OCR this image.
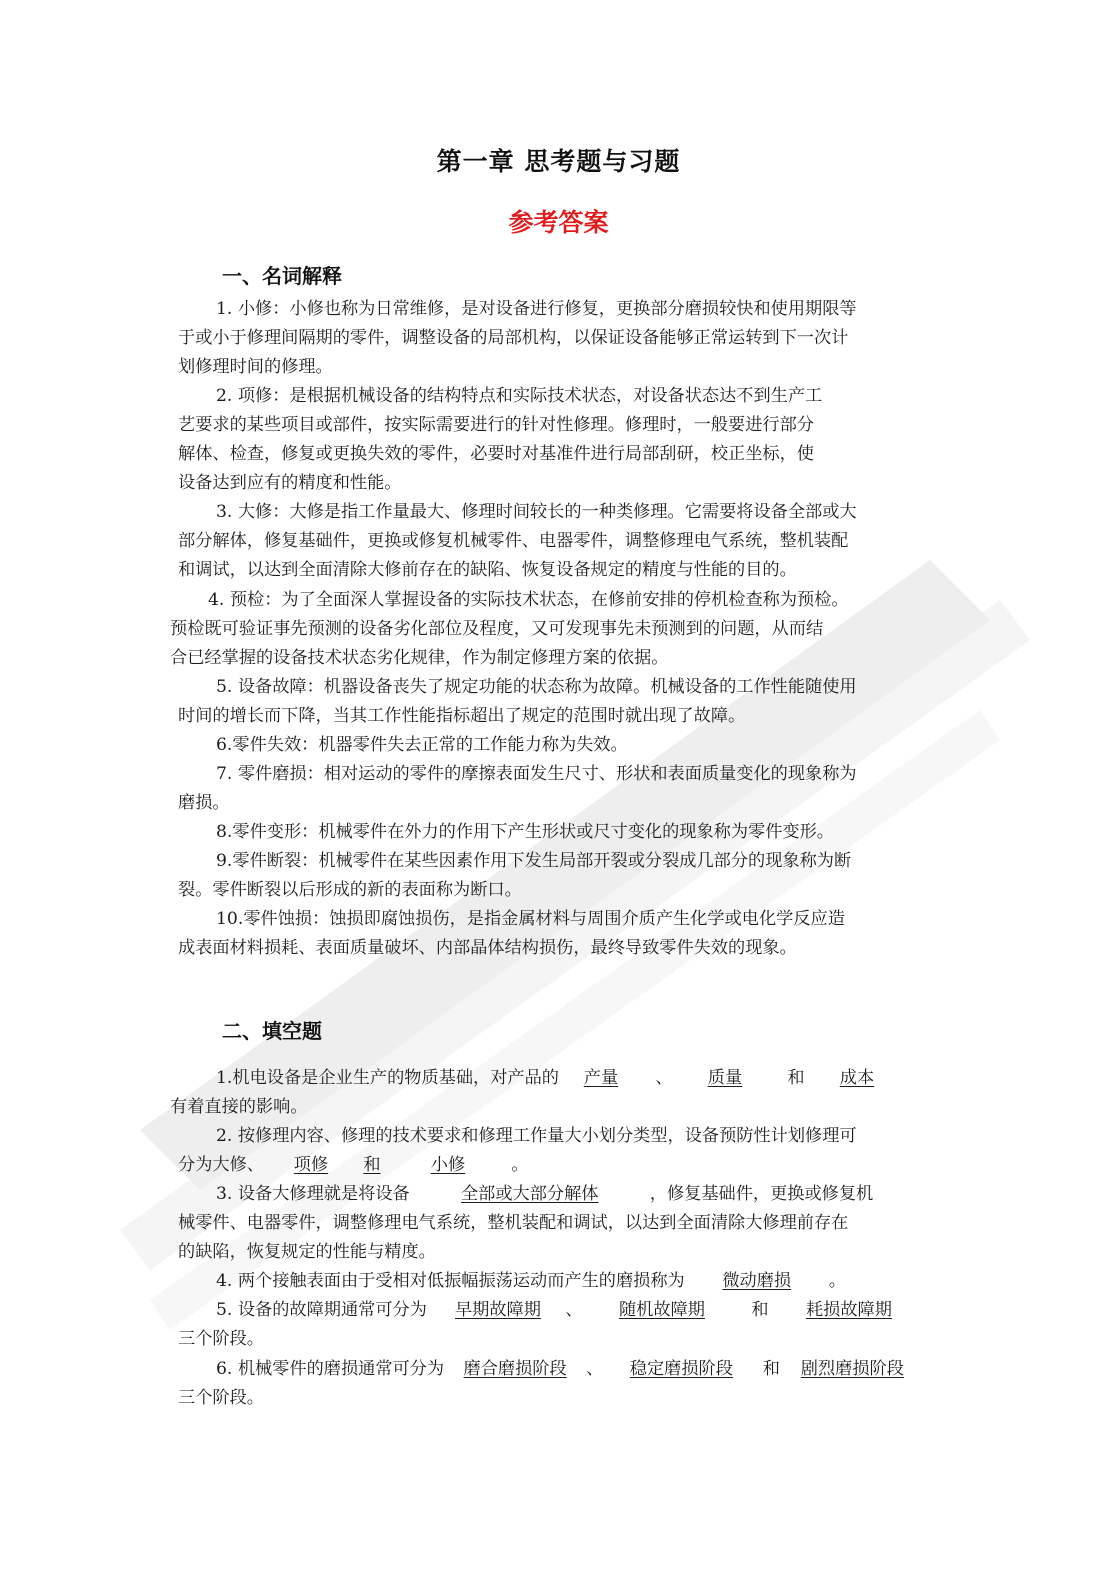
第一章 思考题与习题
参考答案
一、名词解释
1. 小修：小修也称为日常维修，是对设备进行修复，更换部分磨损较快和使用期限等
于或小于修理间隔期的零件，调整设备的局部机构，以保证设备能够正常运转到下一次计
划修理时间的修理。
2. 项修：是根据机械设备的结构特点和实际技术状态，对设备状态达不到生产工
艺要求的某些项目或部件，按实际需要进行的针对性修理。修理时，一般要进行部分
解体、检查，修复或更换失效的零件，必要时对基准件进行局部刮研，校正坐标，使
设备达到应有的精度和性能。
3. 大修：大修是指工作量最大、修理时间较长的一种类修理。它需要将设备全部或大
部分解体，修复基础件，更换或修复机械零件、电器零件，调整修理电气系统，整机装配
和调试，以达到全面清除大修前存在的缺陷、恢复设备规定的精度与性能的目的。
4. 预检：为了全面深人掌握设备的实际技术状态，在修前安排的停机检查称为预检。
预检既可验证事先预测的设备劣化部位及程度，又可发现事先未预测到的问题，从而结
合已经掌握的设备技术状态劣化规律，作为制定修理方案的依据。
5. 设备故障：机器设备丧失了规定功能的状态称为故障。机械设备的工作性能随使用
时间的增长而下降，当其工作性能指标超出了规定的范围时就出现了故障。
6.零件失效：机器零件失去正常的工作能力称为失效。
7. 零件磨损：相对运动的零件的摩擦表面发生尺寸、形状和表面质量变化的现象称为
磨损。
8.零件变形：机械零件在外力的作用下产生形状或尺寸变化的现象称为零件变形。
9.零件断裂：机械零件在某些因素作用下发生局部开裂或分裂成几部分的现象称为断
裂。零件断裂以后形成的新的表面称为断口。
10.零件蚀损：蚀损即腐蚀损伤，是指金属材料与周围介质产生化学或电化学反应造
成表面材料损耗、表面质量破坏、内部晶体结构损伤，最终导致零件失效的现象。
二、填空题
1.机电设备是企业生产的物质基础，对产品的 产量 、 质量	和 成本
有着直接的影响。
2. 按修理内容、修理的技术要求和修理工作量大小划分类型，设备预防性计划修理可
分为大修、 项修 和	小修	。
3. 设备大修理就是将设备	全部或大部分解体	，修复基础件，更换或修复机
械零件、电器零件，调整修理电气系统，整机装配和调试，以达到全面清除大修理前存在
的缺陷，恢复规定的性能与精度。
4. 两个接触表面由于受相对低振幅振荡运动而产生的磨损称为 微动磨损 。
5. 设备的故障期通常可分为 早期故障期 、 随机故障期	和 耗损故障期
三个阶段。
6. 机械零件的磨损通常可分为 磨合磨损阶段 、 稳定磨损阶段 和 剧烈磨损阶段
三个阶段。
